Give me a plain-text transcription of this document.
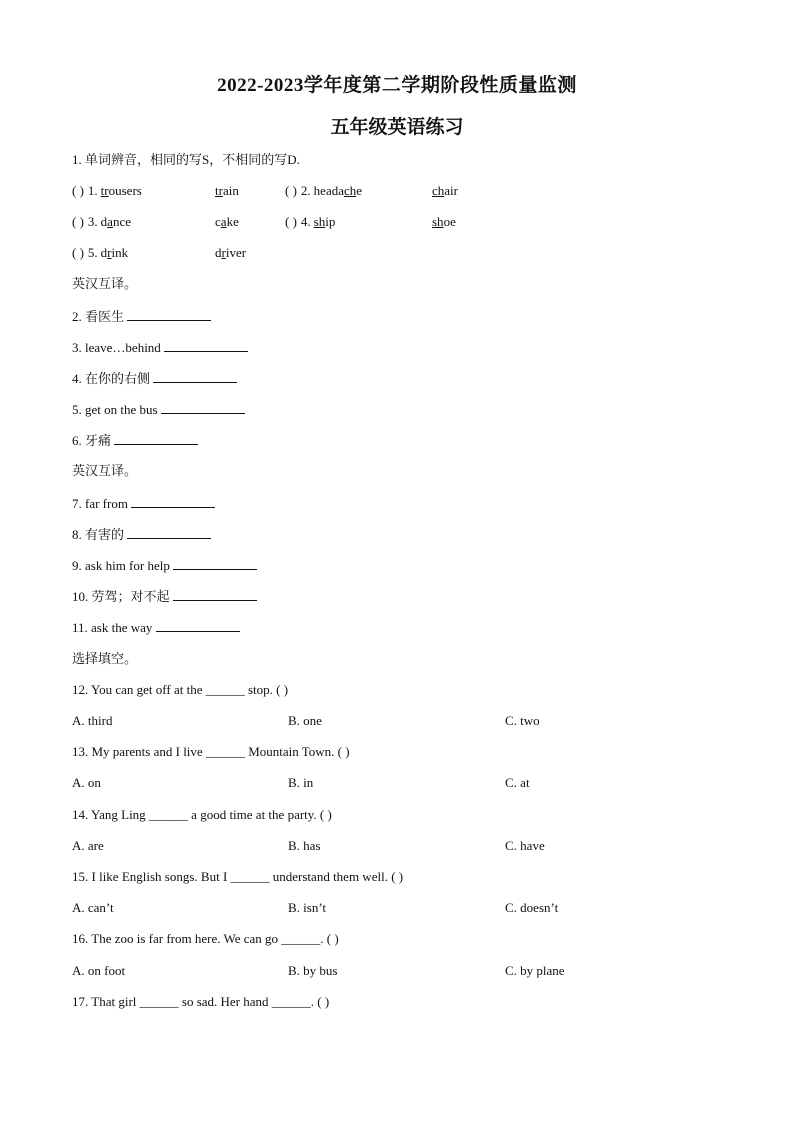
2022-2023学年度第二学期阶段性质量监测
五年级英语练习
1. 单词辨音，相同的写S，不相同的写D.
( ) 1. trousers	train	( ) 2. headache	chair
( ) 3. dance	cake	( ) 4. ship	shoe
( ) 5. drink	driver
英汉互译。
2. 看医生
3. leave…behind
4. 在你的右侧
5. get on the bus
6. 牙痛
英汉互译。
7. far from
8. 有害的
9. ask him for help
10. 劳驾；对不起
11. ask the way
选择填空。
12. You can get off at the ______ stop. ( )
A. third	B. one	C. two
13. My parents and I live ______ Mountain Town. ( )
A. on	B. in	C. at
14. Yang Ling ______ a good time at the party. ( )
A. are	B. has	C. have
15. I like English songs. But I ______ understand them well. ( )
A. can’t	B. isn’t	C. doesn’t
16. The zoo is far from here. We can go ______. ( )
A. on foot	B. by bus	C. by plane
17. That girl ______ so sad. Her hand ______. ( )
